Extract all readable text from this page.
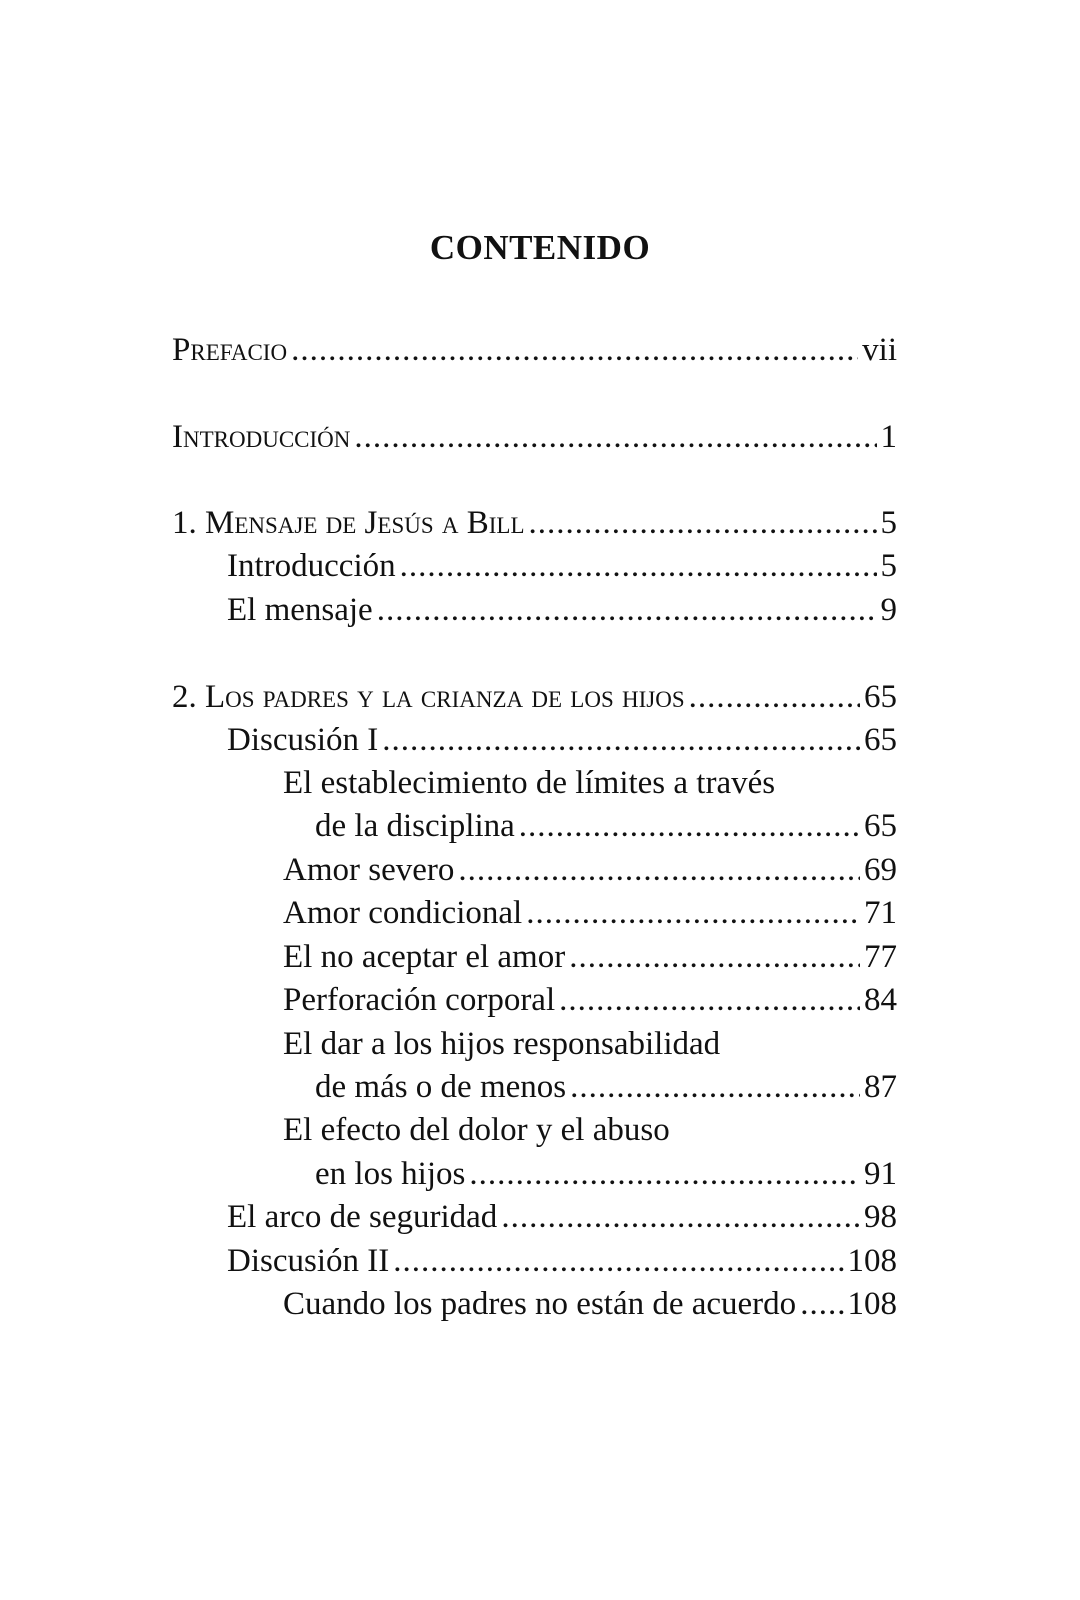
CONTENIDO
Prefacio .....	vii
Introducción .....	1
1. Mensaje de Jesús a Bill .....	5
Introducción .....	5
El mensaje .....	9
2. Los padres y la crianza de los hijos .....	65
Discusión I .....	65
El establecimiento de límites a través
de la disciplina .....	65
Amor severo .....	69
Amor condicional .....	71
El no aceptar el amor .....	77
Perforación corporal .....	84
El dar a los hijos responsabilidad
de más o de menos .....	87
El efecto del dolor y el abuso
en los hijos .....	91
El arco de seguridad .....	98
Discusión II .....	108
Cuando los padres no están de acuerdo ..... 108
